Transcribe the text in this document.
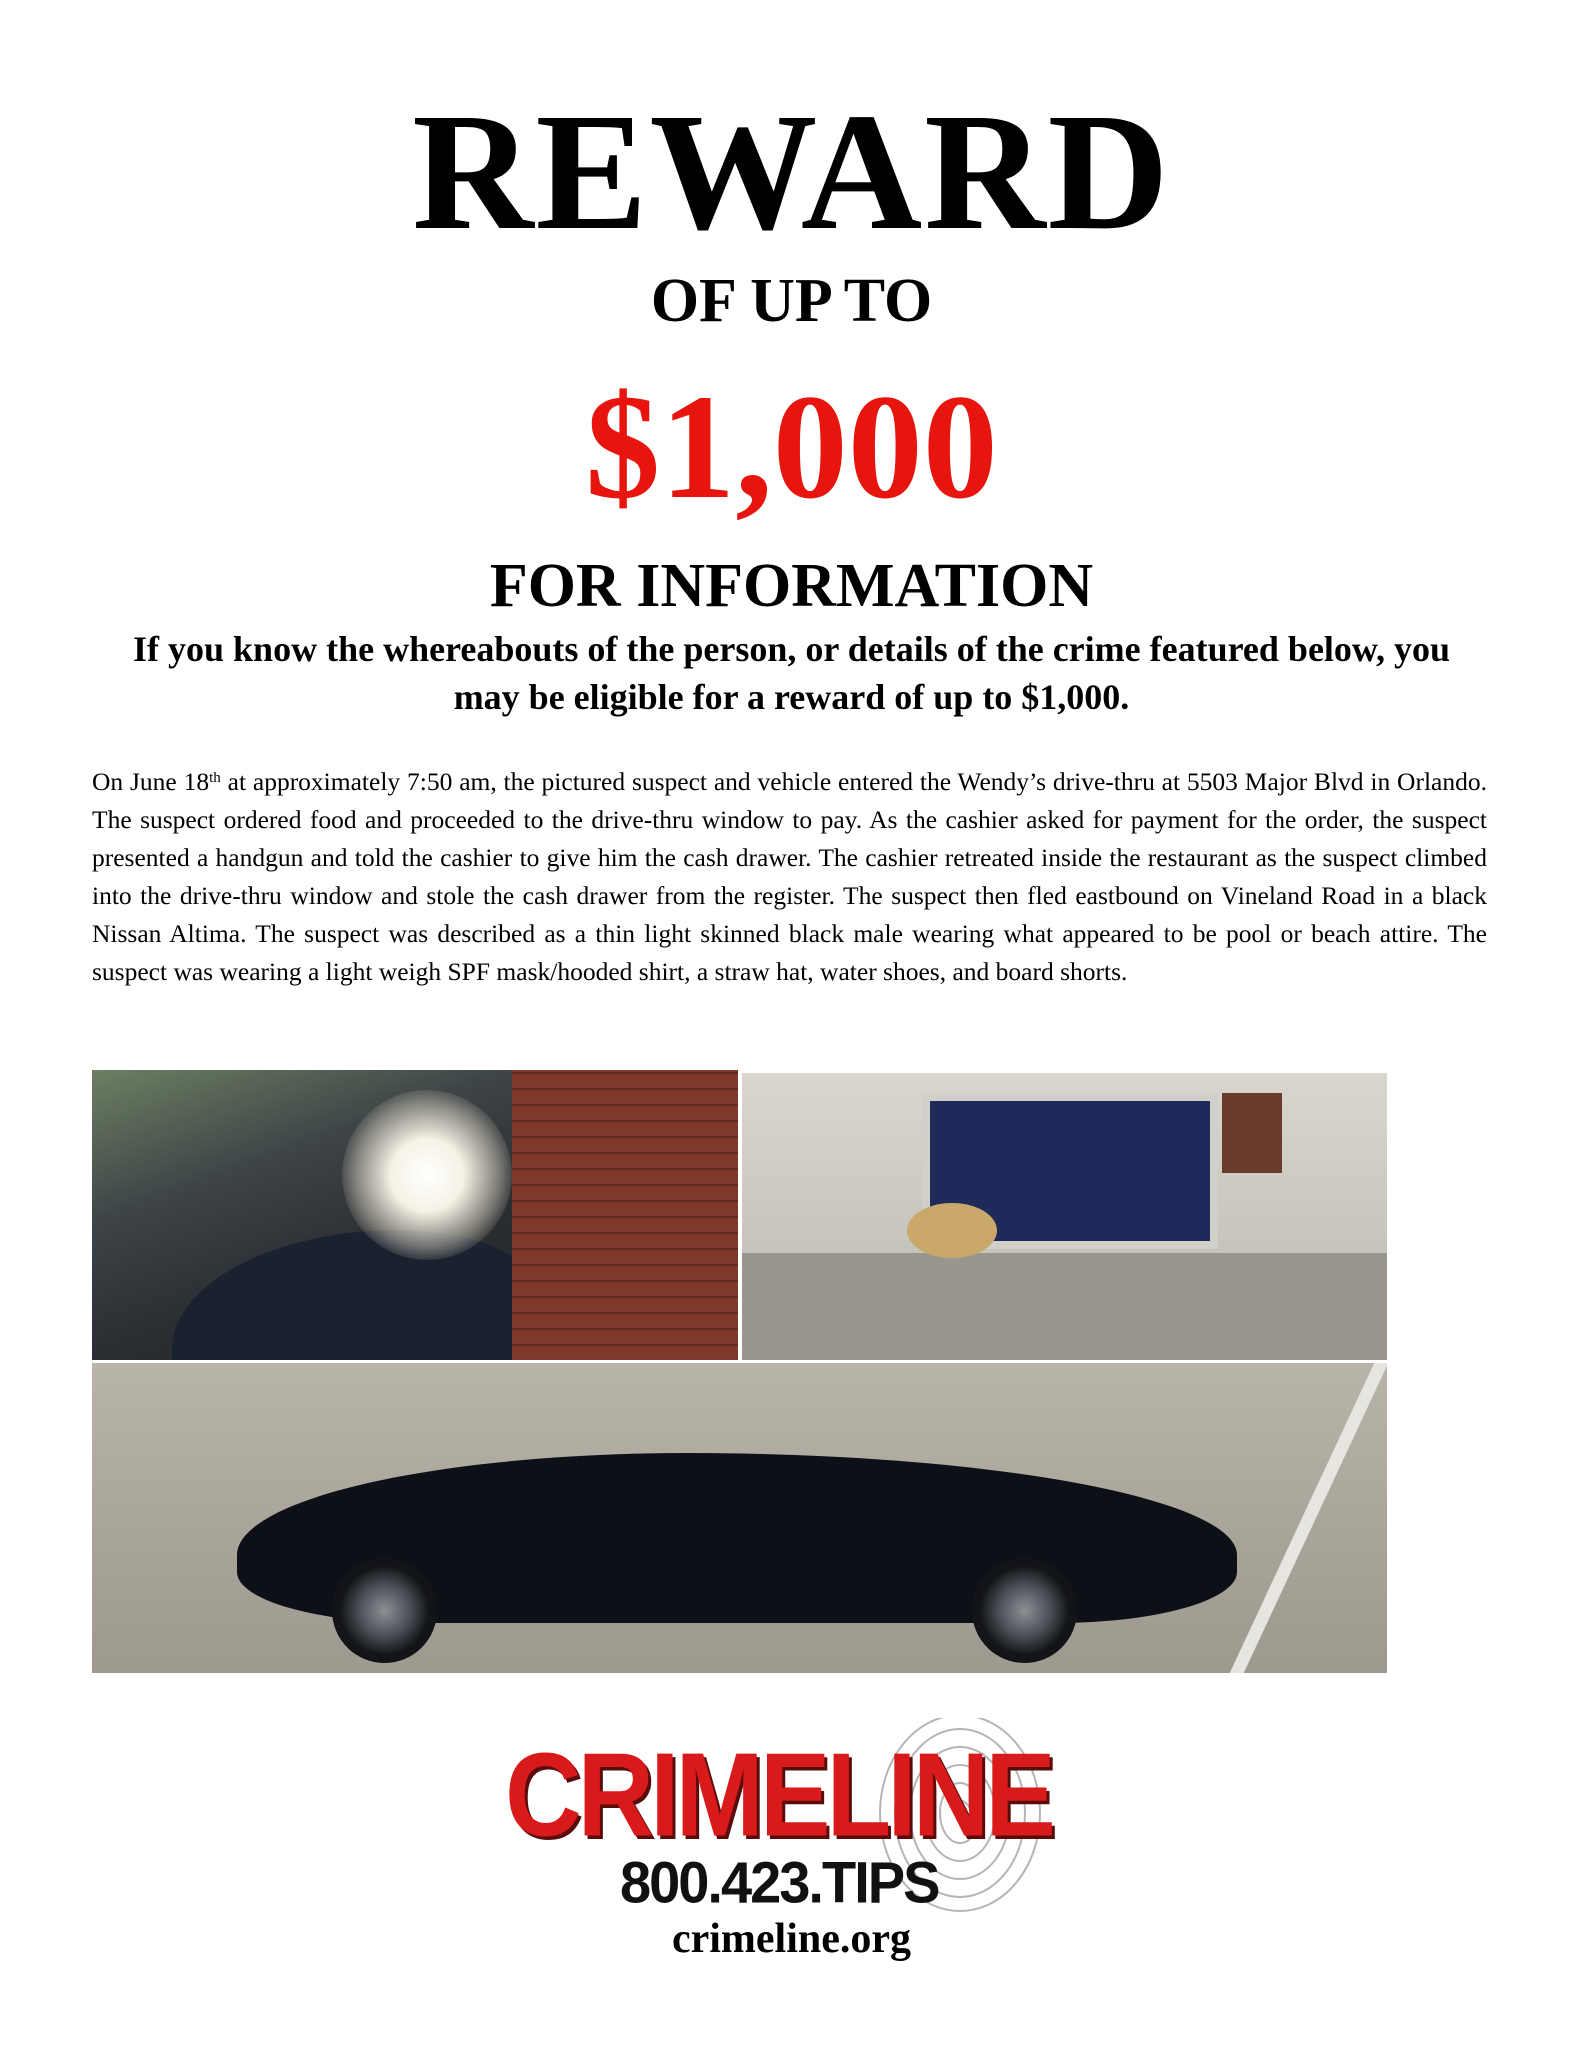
REWARD
OF UP TO
$1,000
FOR INFORMATION

If you know the whereabouts of the person, or details of the crime featured below, you may be eligible for a reward of up to $1,000.

On June 18th at approximately 7:50 am, the pictured suspect and vehicle entered the Wendy’s drive-thru at 5503 Major Blvd in Orlando. The suspect ordered food and proceeded to the drive-thru window to pay. As the cashier asked for payment for the order, the suspect presented a handgun and told the cashier to give him the cash drawer. The cashier retreated inside the restaurant as the suspect climbed into the drive-thru window and stole the cash drawer from the register. The suspect then fled eastbound on Vineland Road in a black Nissan Altima. The suspect was described as a thin light skinned black male wearing what appeared to be pool or beach attire. The suspect was wearing a light weigh SPF mask/hooded shirt, a straw hat, water shoes, and board shorts.

CRIMELINE
800.423.TIPS

crimeline.org
